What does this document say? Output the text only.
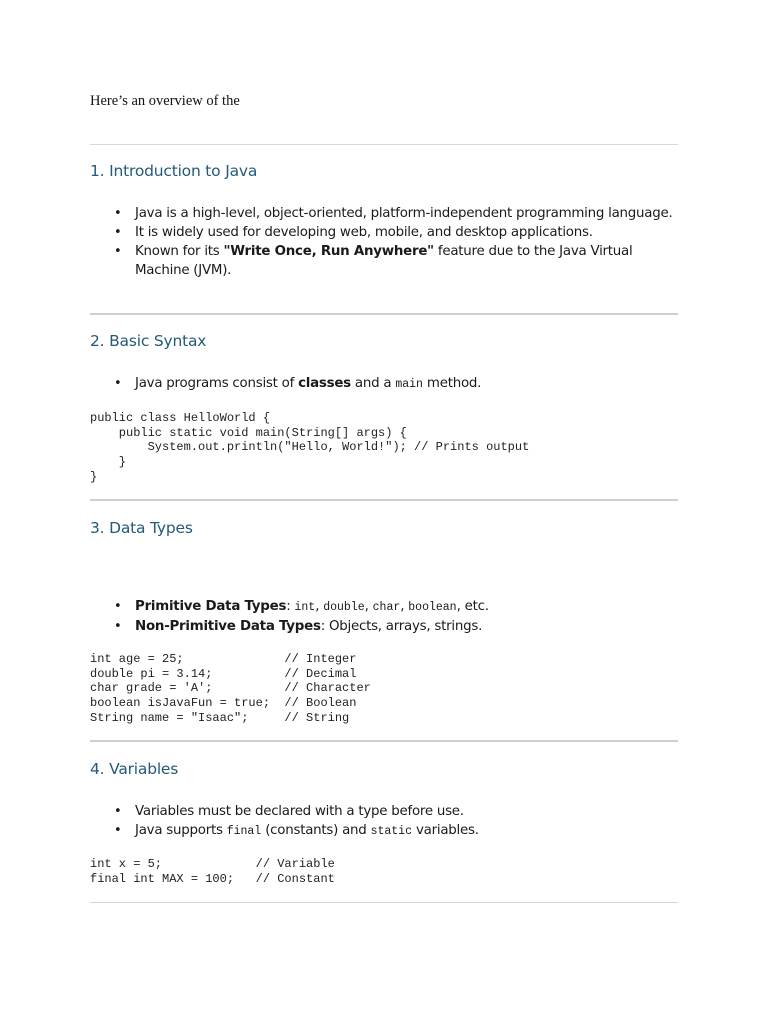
Here’s an overview of the
1. Introduction to Java
• Java is a high-level, object-oriented, platform-independent programming language.
• It is widely used for developing web, mobile, and desktop applications.
• Known for its "Write Once, Run Anywhere" feature due to the Java Virtual Machine (JVM).
2. Basic Syntax
• Java programs consist of classes and a main method.
public class HelloWorld {
public static void main(String[] args) {
System.out.println("Hello, World!"); // Prints output
}
}
3. Data Types
• Primitive Data Types: int, double, char, boolean, etc.
• Non-Primitive Data Types: Objects, arrays, strings.
int age = 25;              // Integer
double pi = 3.14;          // Decimal
char grade = 'A';          // Character
boolean isJavaFun = true;  // Boolean
String name = "Isaac";     // String
4. Variables
• Variables must be declared with a type before use.
• Java supports final (constants) and static variables.
int x = 5;             // Variable
final int MAX = 100;   // Constant
